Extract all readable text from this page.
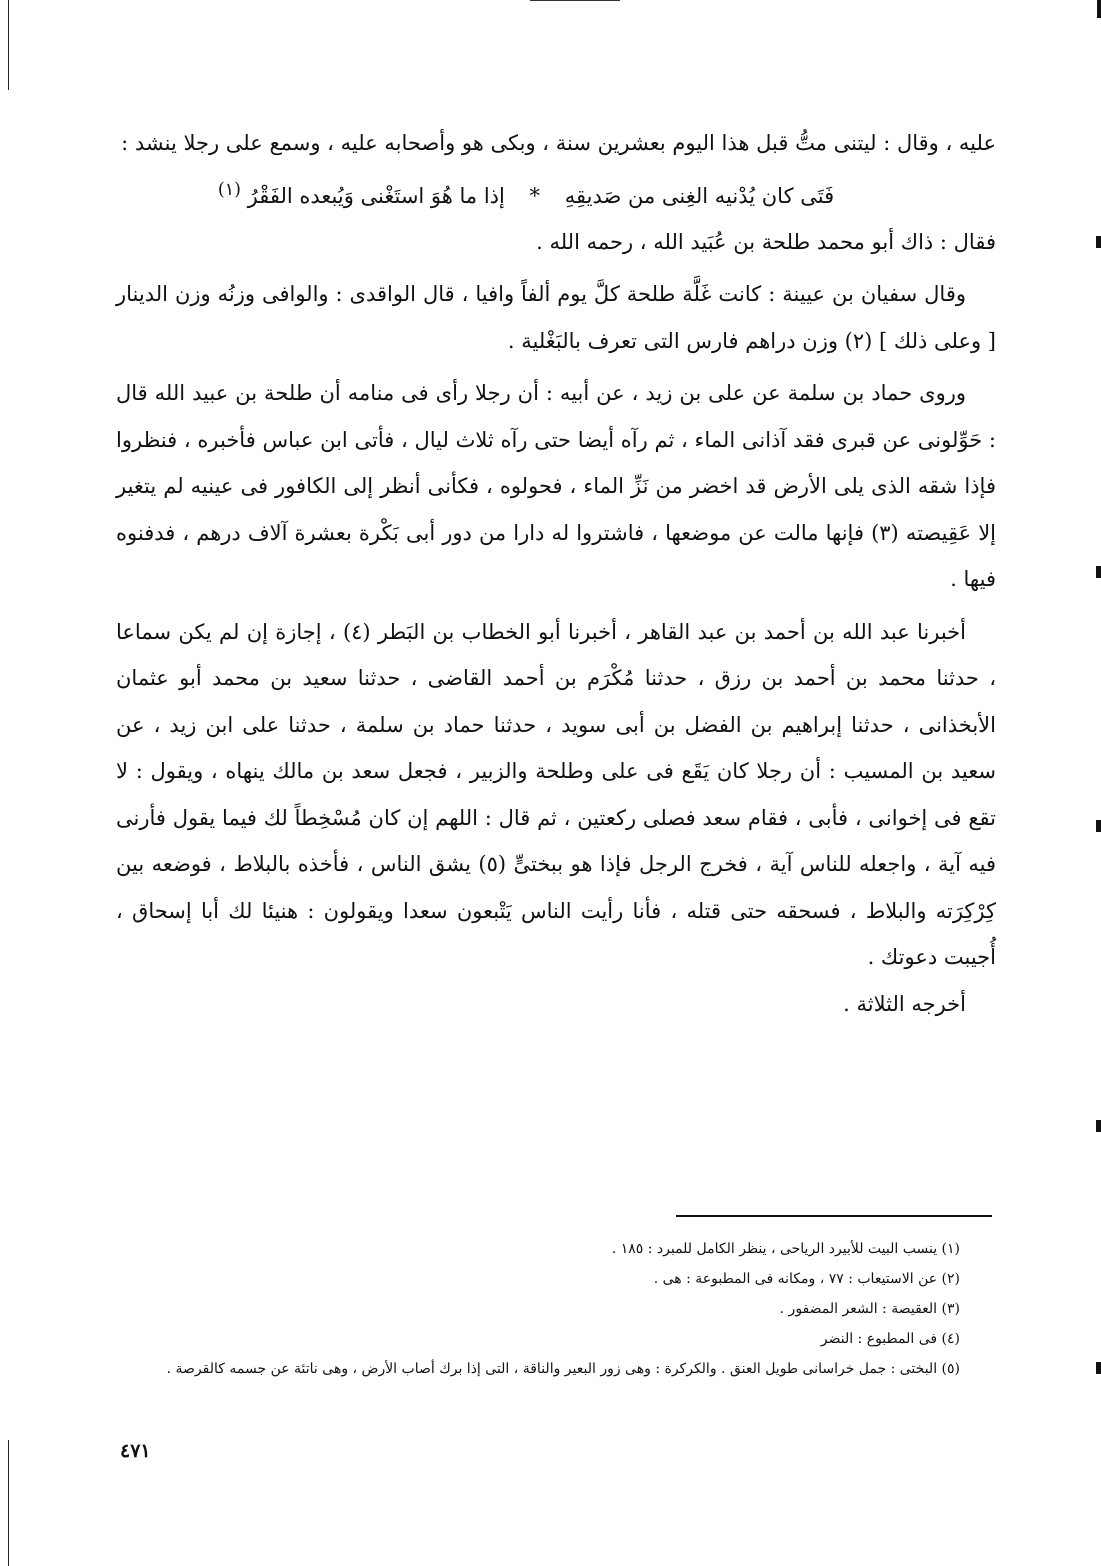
عليه ، وقال : ليتنى متُّ قبل هذا اليوم بعشرين سنة ، وبكى هو وأصحابه عليه ، وسمع على رجلا ينشد :

فَتَى كان يُدْنيه الغِنى من صَديقِهِ * إذا ما هُوَ استَغْنى وَيُبعده الفَقْرُ $^{(١)}$

فقال : ذاك أبو محمد طلحة بن عُبَيد الله ، رحمه الله .

وقال سفيان بن عيينة : كانت غَلَّة طلحة كلَّ يوم ألفاً وافيا ، قال الواقدى : والوافى وزنُه وزن الدينار [ وعلى ذلك ] (٢) وزن دراهم فارس التى تعرف بالبَغْلية .

وروى حماد بن سلمة عن على بن زيد ، عن أبيه : أن رجلا رأى فى منامه أن طلحة بن عبيد الله قال : حَوِّلونى عن قبرى فقد آذانى الماء ، ثم رآه أيضا حتى رآه ثلاث ليال ، فأتى ابن عباس فأخبره ، فنظروا فإذا شقه الذى يلى الأرض قد اخضر من نَزِّ الماء ، فحولوه ، فكأنى أنظر إلى الكافور فى عينيه لم يتغير إلا عَقِيصته (٣) فإنها مالت عن موضعها ، فاشتروا له دارا من دور أبى بَكْرة بعشرة آلاف درهم ، فدفنوه فيها .

أخبرنا عبد الله بن أحمد بن عبد القاهر ، أخبرنا أبو الخطاب بن البَطر (٤) ، إجازة إن لم يكن سماعا ، حدثنا محمد بن أحمد بن رزق ، حدثنا مُكْرَم بن أحمد القاضى ، حدثنا سعيد بن محمد أبو عثمان الأبخذانى ، حدثنا إبراهيم بن الفضل بن أبى سويد ، حدثنا حماد بن سلمة ، حدثنا على ابن زيد ، عن سعيد بن المسيب : أن رجلا كان يَقَع فى على وطلحة والزبير ، فجعل سعد بن مالك ينهاه ، ويقول : لا تقع فى إخوانى ، فأبى ، فقام سعد فصلى ركعتين ، ثم قال : اللهم إن كان مُسْخِطاً لك فيما يقول فأرنى فيه آية ، واجعله للناس آية ، فخرج الرجل فإذا هو ببختىٍّ (٥) يشق الناس ، فأخذه بالبلاط ، فوضعه بين كِرْكِرَته والبلاط ، فسحقه حتى قتله ، فأنا رأيت الناس يَتْبعون سعدا ويقولون : هنيئا لك أبا إسحاق ، أُجيبت دعوتك .

أخرجه الثلاثة .

(١) ينسب البيت للأبيرد الرياحى ، ينظر الكامل للمبرد : ١٨٥ .

(٢) عن الاستيعاب : ٧٧ ، ومكانه فى المطبوعة : هى .

(٣) العقيصة : الشعر المضفور .

(٤) فى المطبوع : النضر

(٥) البختى : جمل خراسانى طويل العنق . والكركرة : وهى زور البعير والناقة ، التى إذا برك أصاب الأرض ، وهى ناتئة عن جسمه كالقرصة .

٤٧١
